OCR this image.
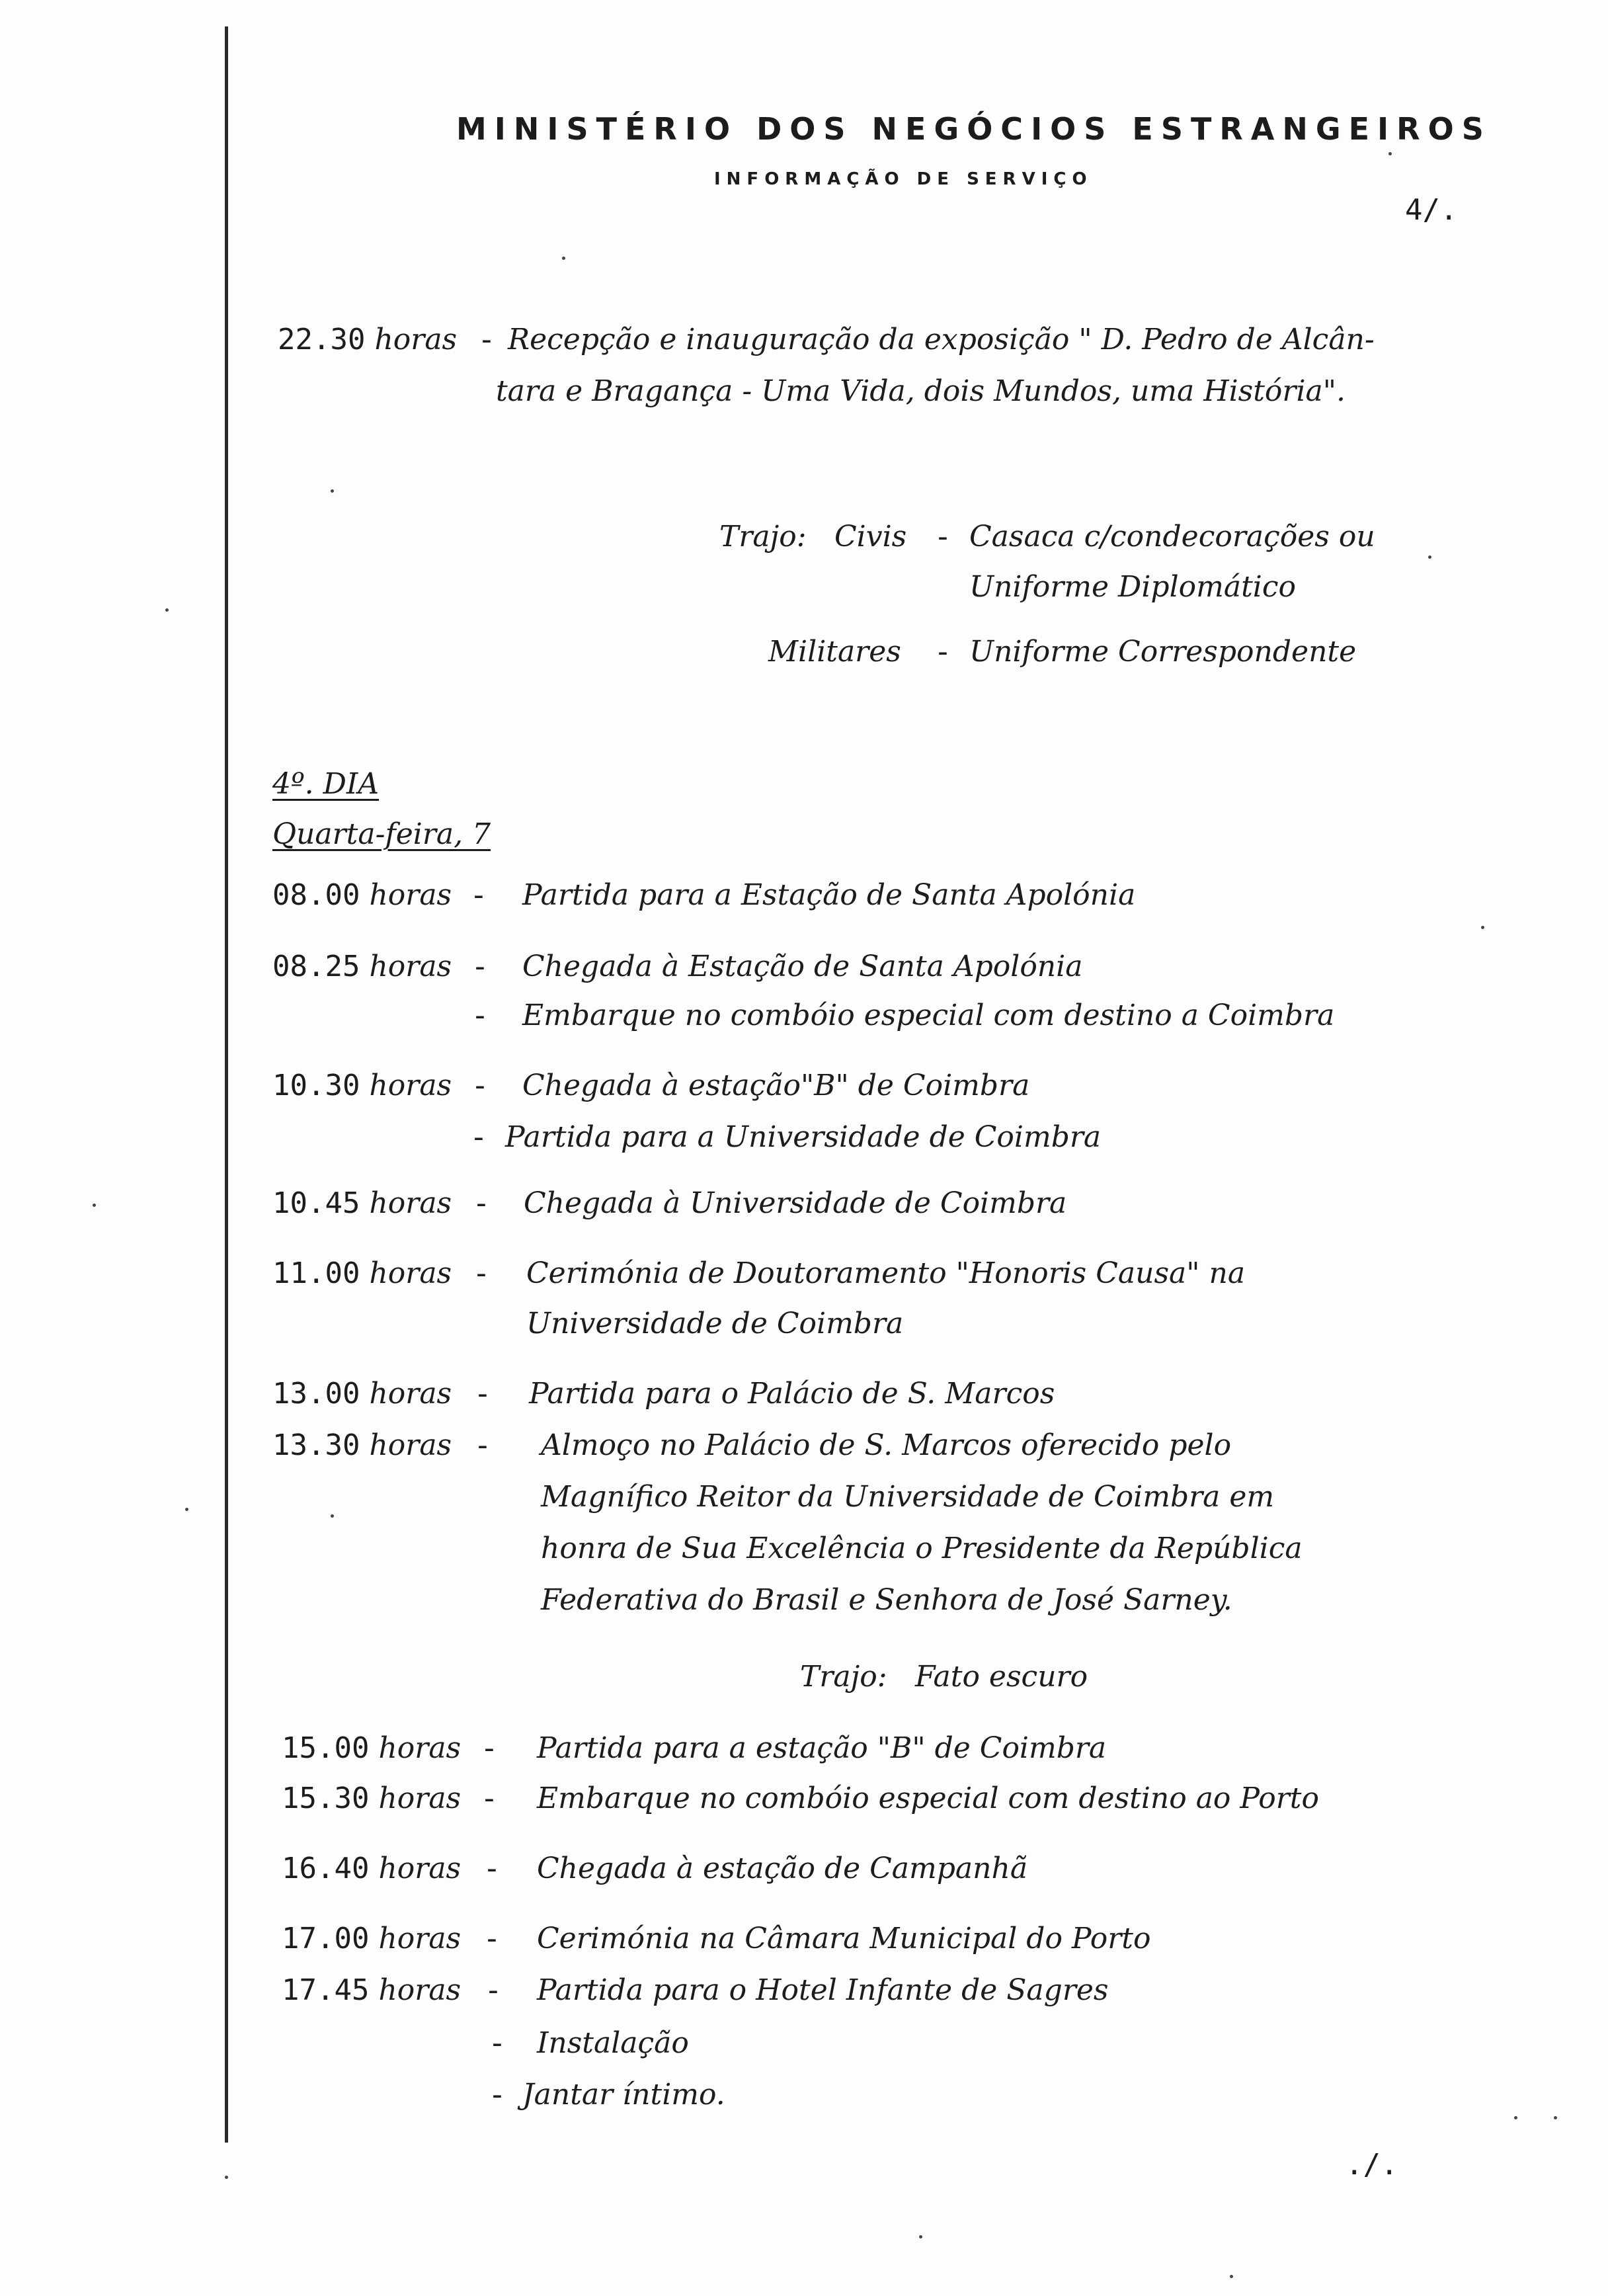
MINISTÉRIO DOS NEGÓCIOS ESTRANGEIROS
INFORMAÇÃO DE SERVIÇO
4/.
22.30 horas - Recepção e inauguração da exposição " D. Pedro de Alcân-
tara e Bragança - Uma Vida, dois Mundos, uma História".
Trajo: Civis - Casaca c/condecorações ou
Uniforme Diplomático
Militares - Uniforme Correspondente
4º. DIA
Quarta-feira, 7
08.00 horas - Partida para a Estação de Santa Apolónia
08.25 horas - Chegada à Estação de Santa Apolónia
- Embarque no combóio especial com destino a Coimbra
10.30 horas - Chegada à estação"B" de Coimbra
- Partida para a Universidade de Coimbra
10.45 horas - Chegada à Universidade de Coimbra
11.00 horas - Cerimónia de Doutoramento "Honoris Causa" na
Universidade de Coimbra
13.00 horas - Partida para o Palácio de S. Marcos
13.30 horas - Almoço no Palácio de S. Marcos oferecido pelo
Magnífico Reitor da Universidade de Coimbra em
honra de Sua Excelência o Presidente da República
Federativa do Brasil e Senhora de José Sarney.
Trajo: Fato escuro
15.00 horas - Partida para a estação "B" de Coimbra
15.30 horas - Embarque no combóio especial com destino ao Porto
16.40 horas - Chegada à estação de Campanhã
17.00 horas - Cerimónia na Câmara Municipal do Porto
17.45 horas - Partida para o Hotel Infante de Sagres
- Instalação
- Jantar íntimo.
./.
